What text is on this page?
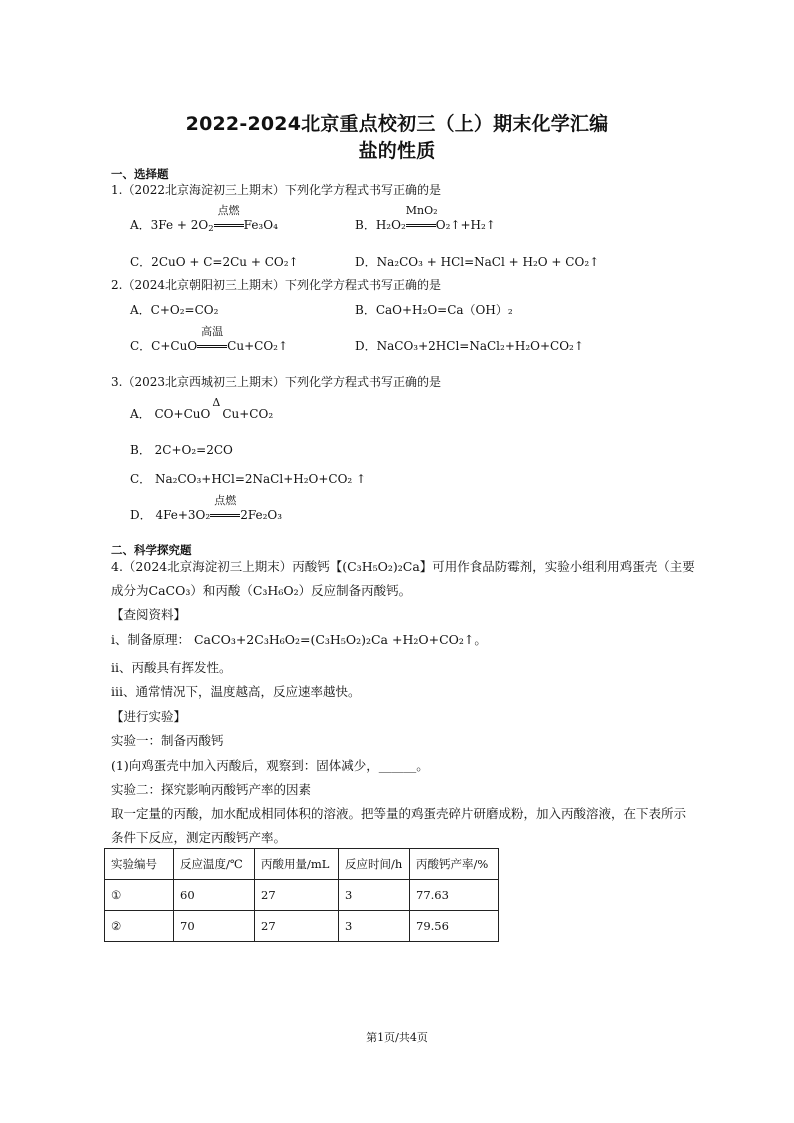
2022-2024北京重点校初三（上）期末化学汇编
盐的性质
一、选择题
1.（2022北京海淀初三上期末）下列化学方程式书写正确的是
A．$3Fe + 2O_2$
点燃
Fe₃O₄	B．H₂O₂
MnO₂
O₂↑+H₂↑
C．2CuO + C=2Cu + CO₂↑	D．Na₂CO₃ + HCl=NaCl + H₂O + CO₂↑
2.（2024北京朝阳初三上期末）下列化学方程式书写正确的是
A．C+O₂=CO₂	B．CaO+H₂O=Ca（OH）₂
C．C+CuO
高温
Cu+CO₂↑	D．NaCO₃+2HCl=NaCl₂+H₂O+CO₂↑
3.（2023北京西城初三上期末）下列化学方程式书写正确的是
A． CO+CuO
Δ
Cu+CO₂
B． 2C+O₂=2CO
C． Na₂CO₃+HCl=2NaCl+H₂O+CO₂ ↑
D． 4Fe+3O₂
点燃
2Fe₂O₃
二、科学探究题
4.（2024北京海淀初三上期末）丙酸钙【(C₃H₅O₂)₂Ca】可用作食品防霉剂，实验小组利用鸡蛋壳（主要
成分为CaCO₃）和丙酸（C₃H₆O₂）反应制备丙酸钙。
【查阅资料】
i、制备原理： CaCO₃+2C₃H₆O₂=(C₃H₅O₂)₂Ca +H₂O+CO₂↑。
ii、丙酸具有挥发性。
iii、通常情况下，温度越高，反应速率越快。
【进行实验】
实验一：制备丙酸钙
(1)向鸡蛋壳中加入丙酸后，观察到：固体减少，______。
实验二：探究影响丙酸钙产率的因素
取一定量的丙酸，加水配成相同体积的溶液。把等量的鸡蛋壳碎片研磨成粉，加入丙酸溶液，在下表所示
条件下反应，测定丙酸钙产率。
实验编号	反应温度/℃	丙酸用量/mL	反应时间/h	丙酸钙产率/%
①	60	27	3	77.63
②	70	27	3	79.56
第1页/共4页
